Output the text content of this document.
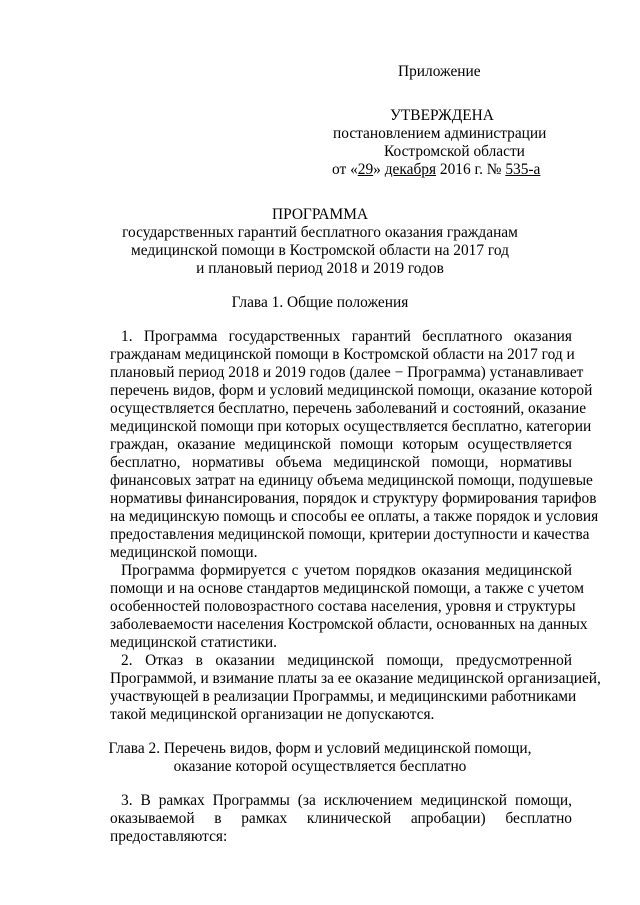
Приложение
УТВЕРЖДЕНА
постановлением администрации
Костромской области
от «29» декабря 2016 г. № 535-а
ПРОГРАММА
государственных гарантий бесплатного оказания гражданам
медицинской помощи в Костромской области на 2017 год
и плановый период 2018 и 2019 годов
Глава 1. Общие положения
1. Программа государственных гарантий бесплатного оказания
гражданам медицинской помощи в Костромской области на 2017 год и
плановый период 2018 и 2019 годов (далее − Программа) устанавливает
перечень видов, форм и условий медицинской помощи, оказание которой
осуществляется бесплатно, перечень заболеваний и состояний, оказание
медицинской помощи при которых осуществляется бесплатно, категории
граждан, оказание медицинской помощи которым осуществляется
бесплатно, нормативы объема медицинской помощи, нормативы
финансовых затрат на единицу объема медицинской помощи, подушевые
нормативы финансирования, порядок и структуру формирования тарифов
на медицинскую помощь и способы ее оплаты, а также порядок и условия
предоставления медицинской помощи, критерии доступности и качества
медицинской помощи.
Программа формируется с учетом порядков оказания медицинской
помощи и на основе стандартов медицинской помощи, а также с учетом
особенностей половозрастного состава населения, уровня и структуры
заболеваемости населения Костромской области, основанных на данных
медицинской статистики.
2. Отказ в оказании медицинской помощи, предусмотренной
Программой, и взимание платы за ее оказание медицинской организацией,
участвующей в реализации Программы, и медицинскими работниками
такой медицинской организации не допускаются.
Глава 2. Перечень видов, форм и условий медицинской помощи,
оказание которой осуществляется бесплатно
3. В рамках Программы (за исключением медицинской помощи,
оказываемой в рамках клинической апробации) бесплатно
предоставляются:
